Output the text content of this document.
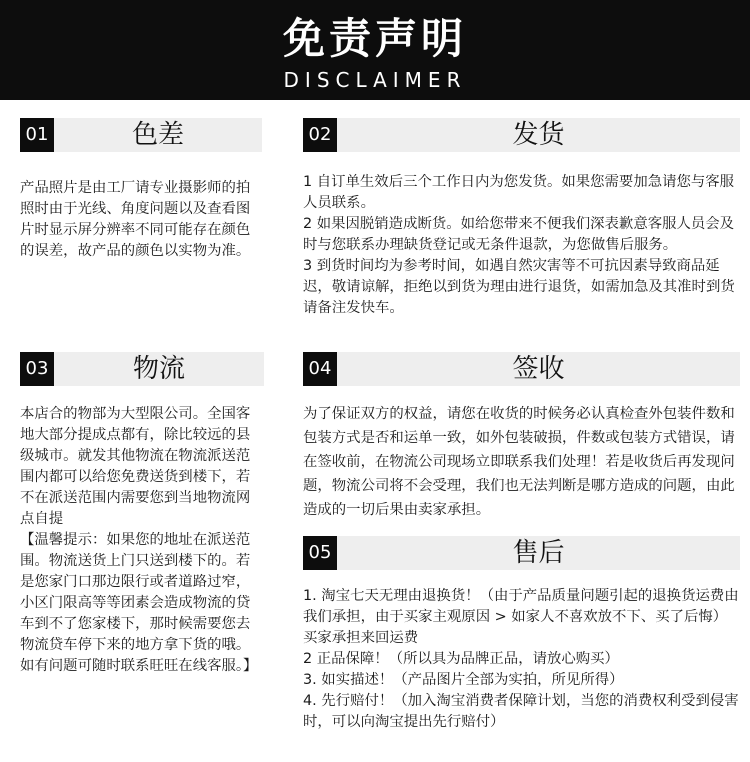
免责声明
DISCLAIMER
01	色差

产品照片是由工厂请专业摄影师的拍照时由于光线、角度问题以及查看图片时显示屏分辨率不同可能存在颜色的误差，故产品的颜色以实物为准。

02	发货

1 自订单生效后三个工作日内为您发货。如果您需要加急请您与客服人员联系。

2 如果因脱销造成断货。如给您带来不便我们深表歉意客服人员会及时与您联系办理缺货登记或无条件退款，为您做售后服务。

3 到货时间均为参考时间，如遇自然灾害等不可抗因素导致商品延迟，敬请谅解，拒绝以到货为理由进行退货，如需加急及其准时到货请备注发快车。

03	物流

本店合的物部为大型限公司。全国客地大部分提成点都有，除比较远的县级城市。就发其他物流在物流派送范围内都可以给您免费送货到楼下，若不在派送范围内需要您到当地物流网点自提

【温馨提示：如果您的地址在派送范围。物流送货上门只送到楼下的。若是您家门口那边限行或者道路过窄，小区门限高等等团素会造成物流的贷车到不了您家楼下，那时候需要您去物流贷车停下来的地方拿下货的哦。如有问题可随时联系旺旺在线客服。】

04	签收

为了保证双方的权益，请您在收货的时候务必认真检查外包装件数和包装方式是否和运单一致，如外包装破损，件数或包装方式错误，请在签收前，在物流公司现场立即联系我们处理！若是收货后再发现问题，物流公司将不会受理，我们也无法判断是哪方造成的问题，由此造成的一切后果由卖家承担。

05	售后

1. 淘宝七天无理由退换货！（由于产品质量问题引起的退换货运费由我们承担，由于买家主观原因 > 如家人不喜欢放不下、买了后悔）买家承担来回运费

2 正品保障！（所以具为品牌正品，请放心购买）

3. 如实描述！（产品图片全部为实拍，所见所得）

4. 先行赔付！（加入淘宝消费者保障计划，当您的消费权利受到侵害时，可以向淘宝提出先行赔付）
